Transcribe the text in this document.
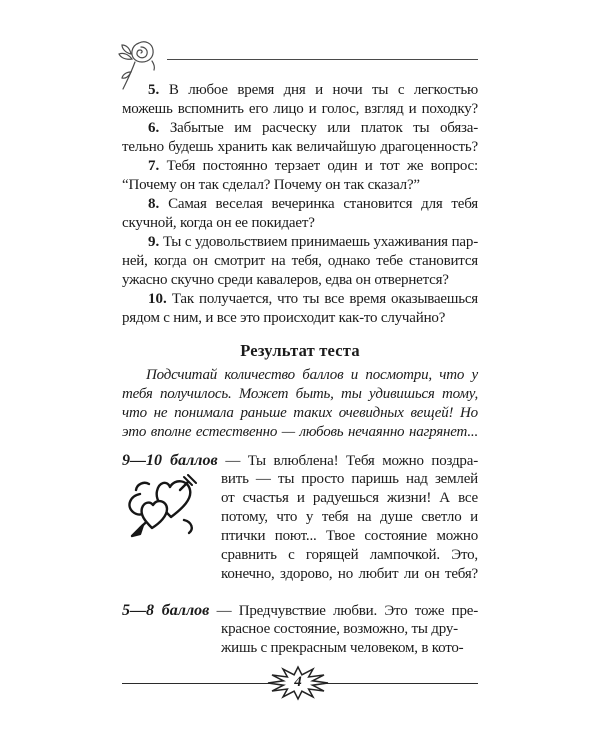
5. В любое время дня и ночи ты с легкостью
можешь вспомнить его лицо и голос, взгляд и походку?
6. Забытые им расческу или платок ты обяза-
тельно будешь хранить как величайшую драгоценность?
7. Тебя постоянно терзает один и тот же вопрос:
“Почему он так сделал? Почему он так сказал?”
8. Самая веселая вечеринка становится для тебя
скучной, когда он ее покидает?
9. Ты с удовольствием принимаешь ухаживания пар-
ней, когда он смотрит на тебя, однако тебе становится
ужасно скучно среди кавалеров, едва он отвернется?
10. Так получается, что ты все время оказываешься
рядом с ним, и все это происходит как-то случайно?
Результат теста
Подсчитай количество баллов и посмотри, что у
тебя получилось. Может быть, ты удивишься тому,
что не понимала раньше таких очевидных вещей! Но
это вполне естественно — любовь нечаянно нагрянет...
9—10 баллов — Ты влюблена! Тебя можно поздра-
вить — ты просто паришь над землей
от счастья и радуешься жизни! А все
потому, что у тебя на душе светло и
птички поют... Твое состояние можно
сравнить с горящей лампочкой. Это,
конечно, здорово, но любит ли он тебя?
5—8 баллов — Предчувствие любви. Это тоже пре-
красное состояние, возможно, ты дру-
жишь с прекрасным человеком, в кото-
4
